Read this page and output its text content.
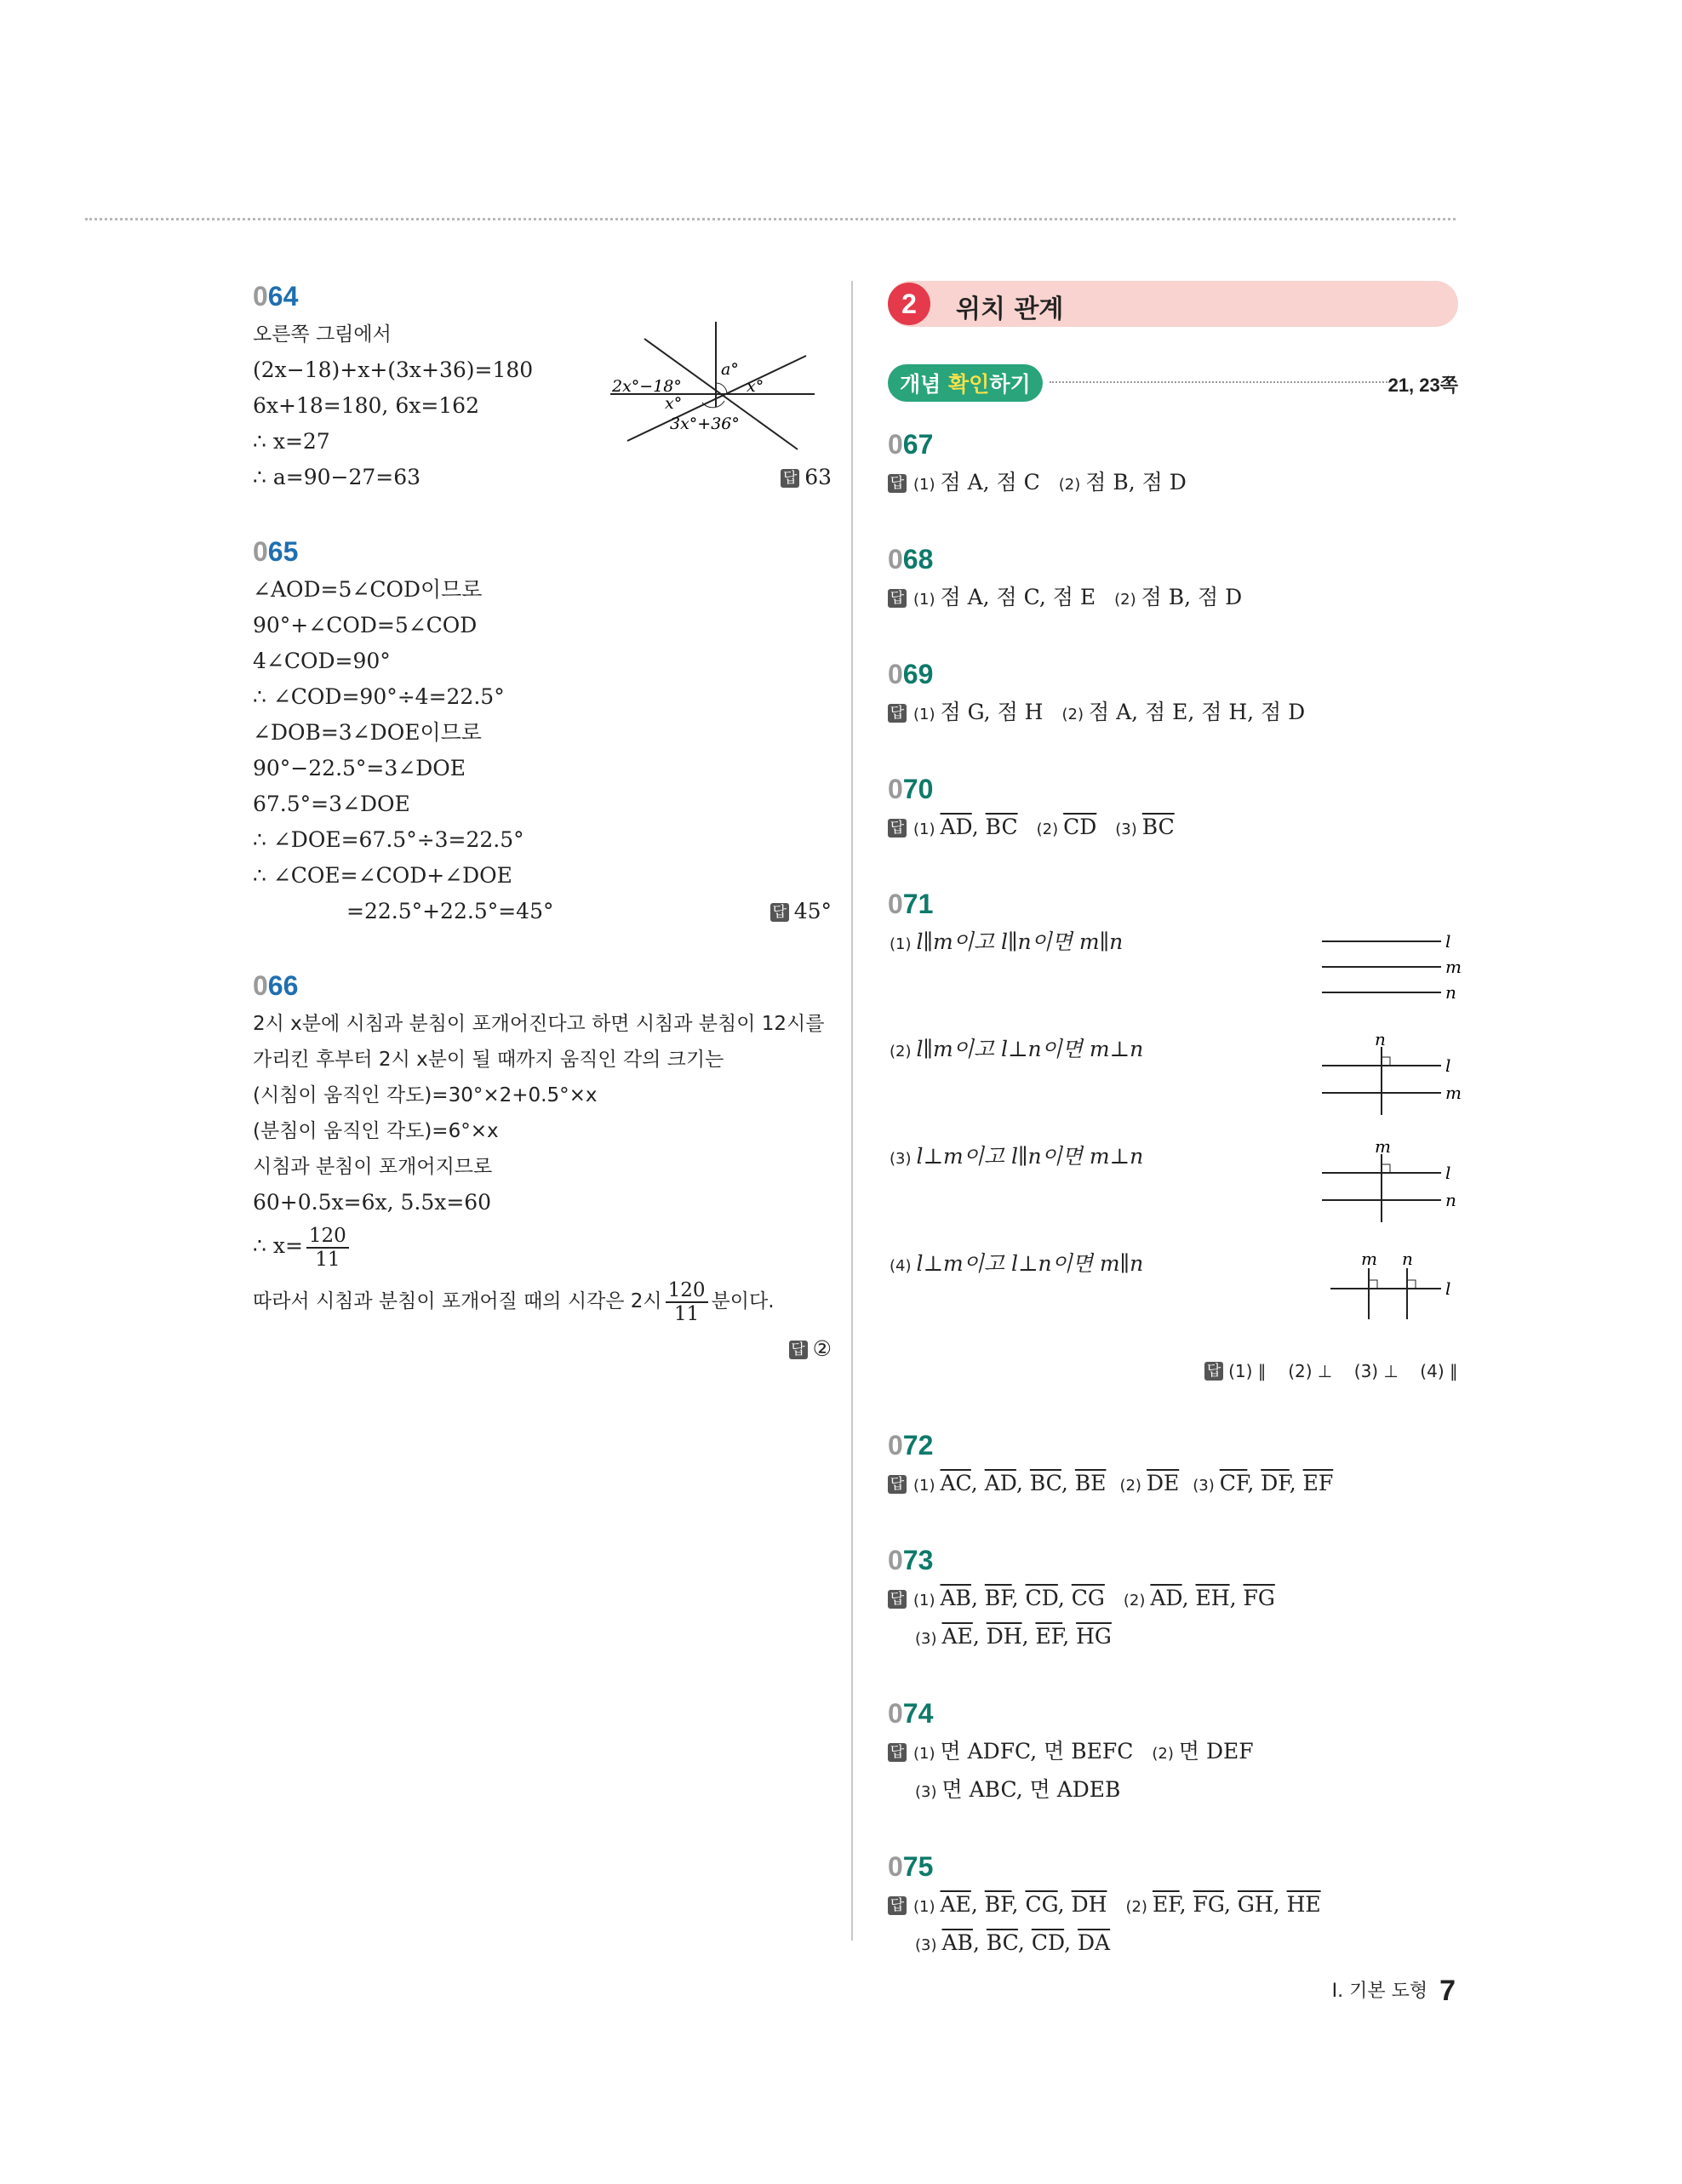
064
오른쪽 그림에서
(2x−18)+x+(3x+36)=180
6x+18=180, 6x=162
∴ x=27
∴ a=90−27=63	답 63
2x°−18°
a°
x°
x°
3x°+36°
065
∠AOD=5∠COD이므로
90°+∠COD=5∠COD
4∠COD=90°
∴ ∠COD=90°÷4=22.5°
∠DOB=3∠DOE이므로
90°−22.5°=3∠DOE
67.5°=3∠DOE
∴ ∠DOE=67.5°÷3=22.5°
∴ ∠COE=∠COD+∠DOE
=22.5°+22.5°=45°	답 45°
066
2시 x분에 시침과 분침이 포개어진다고 하면 시침과 분침이 12시를
가리킨 후부터 2시 x분이 될 때까지 움직인 각의 크기는
(시침이 움직인 각도)=30°×2+0.5°×x
(분침이 움직인 각도)=6°×x
시침과 분침이 포개어지므로
60+0.5x=6x, 5.5x=60
∴ $x= \frac{120}{11}$
따라서 시침과 분침이 포개어질 때의 시각은 2시 $\frac{120}{11}$ 분이다.
답 ②
2	위치 관계
개념 확인하기	21, 23쪽
067
답 (1) 점 A, 점 C (2) 점 B, 점 D
068
답 (1) 점 A, 점 C, 점 E (2) 점 B, 점 D
069
답 (1) 점 G, 점 H (2) 점 A, 점 E, 점 H, 점 D
070
답 (1) $\overline{AD}$, $\overline{BC}$ (2) $\overline{CD}$ (3) $\overline{BC}$
071
(1) l∥m이고 l∥n이면 m∥n	l
m
n
(2) l∥m이고 l⊥n이면 m⊥n	n
l
m
(3) l⊥m이고 l∥n이면 m⊥n	m
l
n
(4) l⊥m이고 l⊥n이면 m∥n	m n
l
답 (1) ∥    (2) ⊥    (3) ⊥    (4) ∥
072
답 (1) $\overline{AC}$, $\overline{AD}$, $\overline{BC}$, $\overline{BE}$ (2) $\overline{DE}$ (3) $\overline{CF}$, $\overline{DF}$, $\overline{EF}$
073
답 (1) $\overline{AB}$, $\overline{BF}$, $\overline{CD}$, $\overline{CG}$ (2) $\overline{AD}$, $\overline{EH}$, $\overline{FG}$
(3) $\overline{AE}$, $\overline{DH}$, $\overline{EF}$, $\overline{HG}$
074
답 (1) 면 ADFC, 면 BEFC (2) 면 DEF
(3) 면 ABC, 면 ADEB
075
답 (1) $\overline{AE}$, $\overline{BF}$, $\overline{CG}$, $\overline{DH}$ (2) $\overline{EF}$, $\overline{FG}$, $\overline{GH}$, $\overline{HE}$
(3) $\overline{AB}$, $\overline{BC}$, $\overline{CD}$, $\overline{DA}$
I. 기본 도형 7
